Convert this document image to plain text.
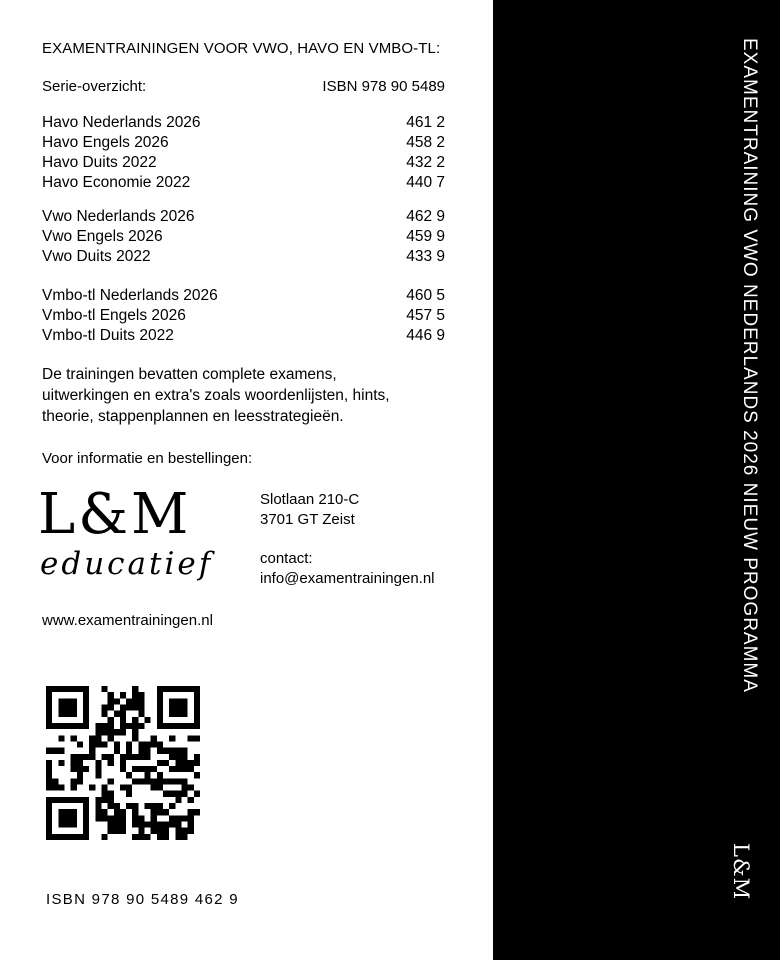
EXAMENTRAININGEN VOOR VWO, HAVO EN VMBO-TL:
Serie-overzicht:	ISBN 978 90 5489
Havo Nederlands 2026	461 2
Havo Engels 2026	458 2
Havo Duits 2022	432 2
Havo Economie 2022	440 7
Vwo Nederlands 2026	462 9
Vwo Engels 2026	459 9
Vwo Duits 2022	433 9
Vmbo-tl Nederlands 2026	460 5
Vmbo-tl Engels 2026	457 5
Vmbo-tl Duits 2022	446 9
De trainingen bevatten complete examens,
uitwerkingen en extra's zoals woordenlijsten, hints,
theorie, stappenplannen en leesstrategieën.
Voor informatie en bestellingen:
L&M
educatief
Slotlaan 210-C
3701 GT Zeist
contact:
info@examentrainingen.nl
www.examentrainingen.nl
ISBN 978 90 5489 462 9
EXAMENTRAINING VWO NEDERLANDS 2026 NIEUW PROGRAMMA
L&M
